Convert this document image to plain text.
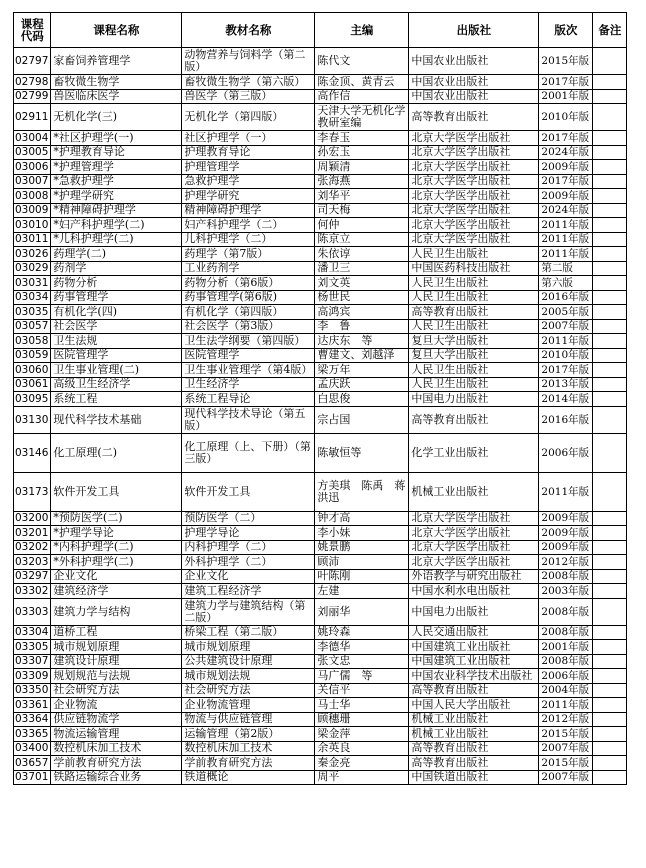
课程代码	课程名称	教材名称	主编	出版社	版次	备注
02797	家畜饲养管理学	动物营养与饲料学（第二版）	陈代文	中国农业出版社	2015年版	
02798	畜牧微生物学	畜牧微生物学（第六版）	陈金顶、黄青云	中国农业出版社	2017年版	
02799	兽医临床医学	兽医学（第三版）	高作信	中国农业出版社	2001年版	
02911	无机化学(三)	无机化学（第四版）	天津大学无机化学教研室编	高等教育出版社	2010年版	
03004	*社区护理学(一)	社区护理学（一）	李春玉	北京大学医学出版社	2017年版	
03005	*护理教育导论	护理教育导论	孙宏玉	北京大学医学出版社	2024年版	
03006	*护理管理学	护理管理学	周颖清	北京大学医学出版社	2009年版	
03007	*急救护理学	急救护理学	张海燕	北京大学医学出版社	2017年版	
03008	*护理学研究	护理学研究	刘华平	北京大学医学出版社	2009年版	
03009	*精神障碍护理学	精神障碍护理学	司天梅	北京大学医学出版社	2024年版	
03010	*妇产科护理学(二)	妇产科护理学（二）	何仲	北京大学医学出版社	2011年版	
03011	*儿科护理学(二)	儿科护理学（二）	陈京立	北京大学医学出版社	2011年版	
03026	药理学(二)	药理学（第7版）	朱依谆	人民卫生出版社	2011年版	
03029	药剂学	工业药剂学	潘卫三	中国医药科技出版社	第二版	
03031	药物分析	药物分析（第6版）	刘文英	人民卫生出版社	第六版	
03034	药事管理学	药事管理学(第6版)	杨世民	人民卫生出版社	2016年版	
03035	有机化学(四)	有机化学（第四版）	高鸿宾	高等教育出版社	2005年版	
03057	社会医学	社会医学（第3版）	李　鲁	人民卫生出版社	2007年版	
03058	卫生法规	卫生法学纲要（第四版）	达庆东　等	复旦大学出版社	2011年版	
03059	医院管理学	医院管理学	曹建文、刘越泽	复旦大学出版社	2010年版	
03060	卫生事业管理(二)	卫生事业管理学（第4版）	梁万年	人民卫生出版社	2017年版	
03061	高级卫生经济学	卫生经济学	孟庆跃	人民卫生出版社	2013年版	
03095	系统工程	系统工程导论	白思俊	中国电力出版社	2014年版	
03130	现代科学技术基础	现代科学技术导论（第五版）	宗占国	高等教育出版社	2016年版	
03146	化工原理(二)	化工原理（上、下册）（第三版）	陈敏恒等	化学工业出版社	2006年版	
03173	软件开发工具	软件开发工具	方美琪　陈禹　蒋洪迅	机械工业出版社	2011年版	
03200	*预防医学(二)	预防医学（二）	钟才高	北京大学医学出版社	2009年版	
03201	*护理学导论	护理学导论	李小妹	北京大学医学出版社	2009年版	
03202	*内科护理学(二)	内科护理学（二）	姚景鹏	北京大学医学出版社	2009年版	
03203	*外科护理学(二)	外科护理学（二）	顾沛	北京大学医学出版社	2012年版	
03297	企业文化	企业文化	叶陈刚	外语教学与研究出版社	2008年版	
03302	建筑经济学	建筑工程经济学	左建	中国水利水电出版社	2003年版	
03303	建筑力学与结构	建筑力学与建筑结构（第二版）	刘丽华	中国电力出版社	2008年版	
03304	道桥工程	桥梁工程（第二版）	姚玲森	人民交通出版社	2008年版	
03305	城市规划原理	城市规划原理	李德华	中国建筑工业出版社	2001年版	
03307	建筑设计原理	公共建筑设计原理	张文忠	中国建筑工业出版社	2008年版	
03309	规划规范与法规	城市规划法规	马广儒　等	中国农业科学技术出版社	2006年版	
03350	社会研究方法	社会研究方法	关信平	高等教育出版社	2004年版	
03361	企业物流	企业物流管理	马士华	中国人民大学出版社	2011年版	
03364	供应链物流学	物流与供应链管理	顾穗珊	机械工业出版社	2012年版	
03365	物流运输管理	运输管理（第2版）	梁金萍	机械工业出版社	2015年版	
03400	数控机床加工技术	数控机床加工技术	余英良	高等教育出版社	2007年版	
03657	学前教育研究方法	学前教育研究方法	秦金亮	高等教育出版社	2015年版	
03701	铁路运输综合业务	铁道概论	周平	中国铁道出版社	2007年版	
